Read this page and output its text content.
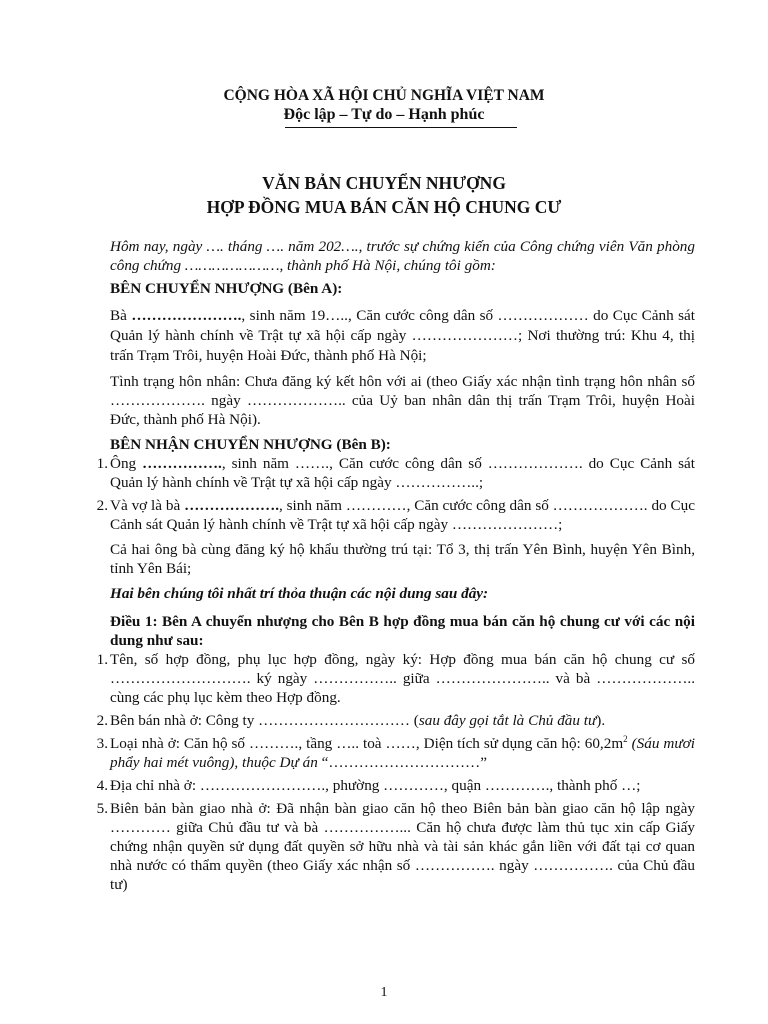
CỘNG HÒA XÃ HỘI CHỦ NGHĨA VIỆT NAM
Độc lập – Tự do – Hạnh phúc
VĂN BẢN CHUYỂN NHƯỢNG
HỢP ĐỒNG MUA BÁN CĂN HỘ CHUNG CƯ

Hôm nay, ngày …. tháng …. năm 202…., trước sự chứng kiến của Công chứng viên Văn phòng công chứng …………………, thành phố Hà Nội, chúng tôi gồm:

BÊN CHUYỂN NHƯỢNG (Bên A):

Bà …………………., sinh năm 19….., Căn cước công dân số ……………… do Cục Cảnh sát Quản lý hành chính về Trật tự xã hội cấp ngày …………………; Nơi thường trú: Khu 4, thị trấn Trạm Trôi, huyện Hoài Đức, thành phố Hà Nội;

Tình trạng hôn nhân: Chưa đăng ký kết hôn với ai (theo Giấy xác nhận tình trạng hôn nhân số ………………. ngày ……………….. của Uỷ ban nhân dân thị trấn Trạm Trôi, huyện Hoài Đức, thành phố Hà Nội).

BÊN NHẬN CHUYỂN NHƯỢNG (Bên B):

1. Ông ……………., sinh năm ……., Căn cước công dân số ………………. do Cục Cảnh sát Quản lý hành chính về Trật tự xã hội cấp ngày ……………..;
2. Và vợ là bà ………………., sinh năm …………, Căn cước công dân số ………………. do Cục Cảnh sát Quản lý hành chính về Trật tự xã hội cấp ngày …………………;

Cả hai ông bà cùng đăng ký hộ khẩu thường trú tại: Tổ 3, thị trấn Yên Bình, huyện Yên Bình, tỉnh Yên Bái;

Hai bên chúng tôi nhất trí thỏa thuận các nội dung sau đây:

Điều 1: Bên A chuyển nhượng cho Bên B hợp đồng mua bán căn hộ chung cư với các nội dung như sau:

1. Tên, số hợp đồng, phụ lục hợp đồng, ngày ký: Hợp đồng mua bán căn hộ chung cư số ………………………. ký ngày …………….. giữa ………………….. và bà ……………….. cùng các phụ lục kèm theo Hợp đồng.
2. Bên bán nhà ở: Công ty ………………………… (sau đây gọi tắt là Chủ đầu tư).
3. Loại nhà ở: Căn hộ số ………., tầng ….. toà ……, Diện tích sử dụng căn hộ: $60,2m^2$ (Sáu mươi phẩy hai mét vuông), thuộc Dự án “…………………………”
4. Địa chỉ nhà ở: ……………………., phường …………, quận …………., thành phố …;
5. Biên bản bàn giao nhà ở: Đã nhận bàn giao căn hộ theo Biên bản bàn giao căn hộ lập ngày ………… giữa Chủ đầu tư và bà ……………... Căn hộ chưa được làm thủ tục xin cấp Giấy chứng nhận quyền sử dụng đất quyền sở hữu nhà và tài sản khác gắn liền với đất tại cơ quan nhà nước có thẩm quyền (theo Giấy xác nhận số ……………. ngày ……………. của Chủ đầu tư)
1
